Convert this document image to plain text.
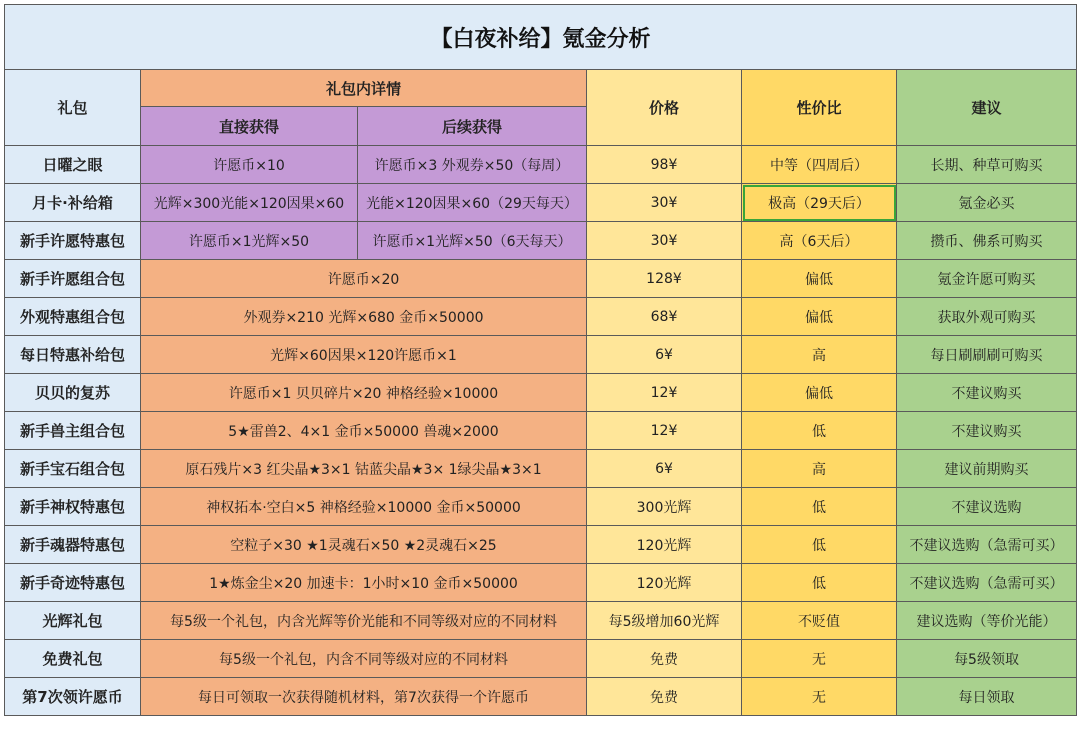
【白夜补给】氪金分析					
礼包	礼包内详情		价格	性价比	建议
	直接获得	后续获得			
日曜之眼	许愿币×10	许愿币×3 外观券×50（每周）	98¥	中等（四周后）	长期、种草可购买
月卡·补给箱	光辉×300光能×120因果×60	光能×120因果×60（29天每天）	30¥	极高（29天后）	氪金必买
新手许愿特惠包	许愿币×1光辉×50	许愿币×1光辉×50（6天每天）	30¥	高（6天后）	攒币、佛系可购买
新手许愿组合包	许愿币×20		128¥	偏低	氪金许愿可购买
外观特惠组合包	外观券×210 光辉×680 金币×50000		68¥	偏低	获取外观可购买
每日特惠补给包	光辉×60因果×120许愿币×1		6¥	高	每日刷刷刷可购买
贝贝的复苏	许愿币×1 贝贝碎片×20 神格经验×10000		12¥	偏低	不建议购买
新手兽主组合包	5★雷兽2、4×1 金币×50000 兽魂×2000		12¥	低	不建议购买
新手宝石组合包	原石残片×3 红尖晶★3×1 钴蓝尖晶★3× 1绿尖晶★3×1		6¥	高	建议前期购买
新手神权特惠包	神权拓本·空白×5 神格经验×10000 金币×50000		300光辉	低	不建议选购
新手魂器特惠包	空粒子×30 ★1灵魂石×50 ★2灵魂石×25		120光辉	低	不建议选购（急需可买）
新手奇迹特惠包	1★炼金尘×20 加速卡：1小时×10 金币×50000		120光辉	低	不建议选购（急需可买）
光辉礼包	每5级一个礼包，内含光辉等价光能和不同等级对应的不同材料		每5级增加60光辉	不贬值	建议选购（等价光能）
免费礼包	每5级一个礼包，内含不同等级对应的不同材料		免费	无	每5级领取
第7次领许愿币	每日可领取一次获得随机材料，第7次获得一个许愿币		免费	无	每日领取
